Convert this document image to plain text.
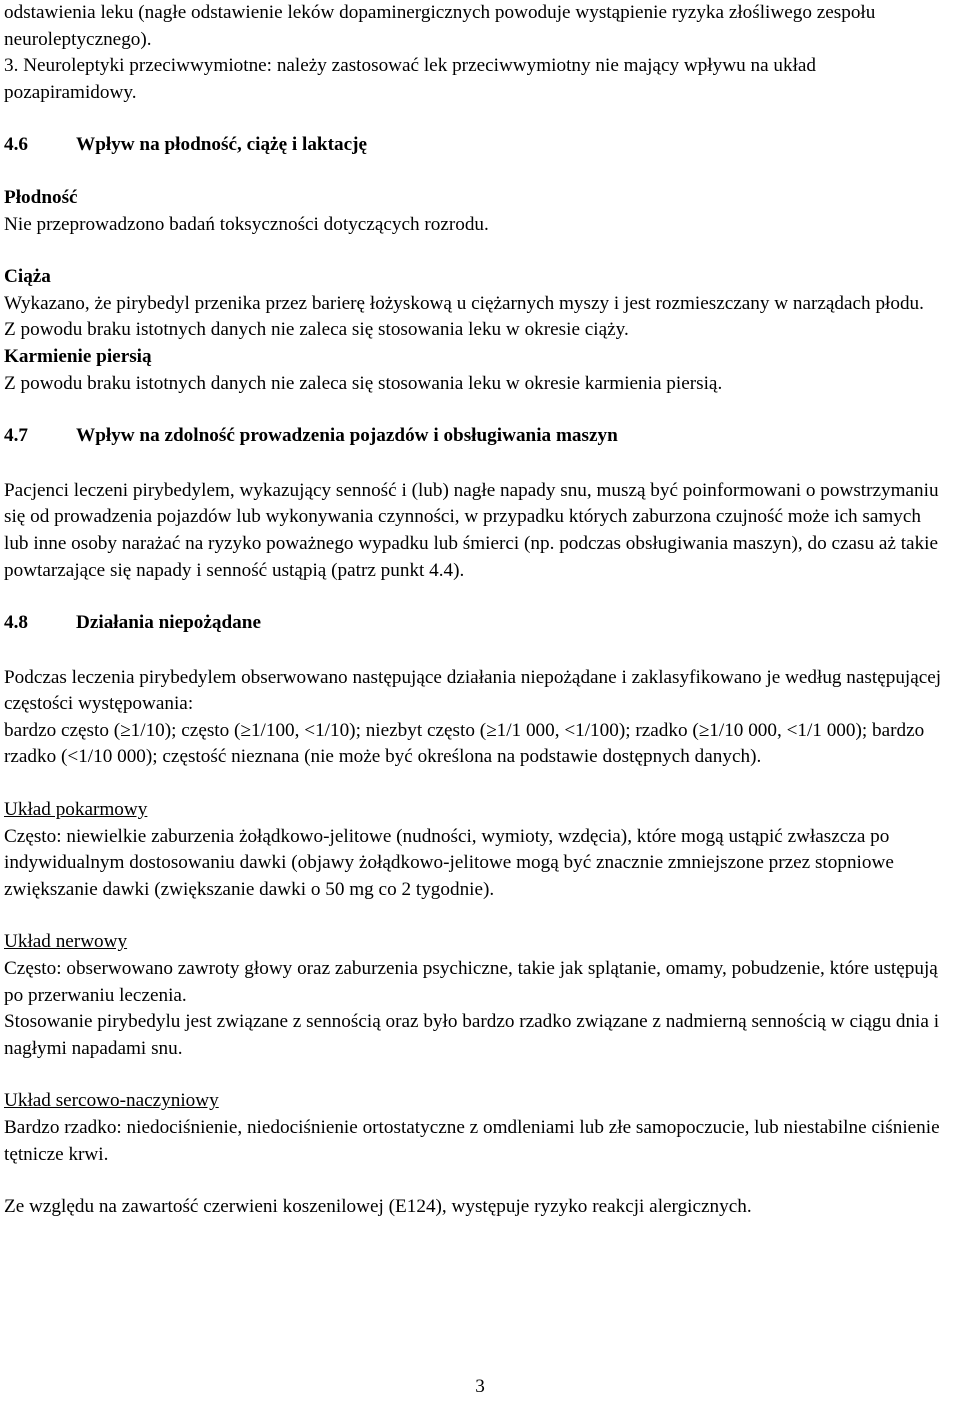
odstawienia leku (nagłe odstawienie leków dopaminergicznych powoduje wystąpienie ryzyka złośliwego zespołu neuroleptycznego).

3. Neuroleptyki przeciwwymiotne: należy zastosować lek przeciwwymiotny nie mający wpływu na układ pozapiramidowy.

4.6	Wpływ na płodność, ciążę i laktację

Płodność

Nie przeprowadzono badań toksyczności dotyczących rozrodu.

Ciąża

Wykazano, że pirybedyl przenika przez barierę łożyskową u ciężarnych myszy i jest rozmieszczany w narządach płodu.

Z powodu braku istotnych danych nie zaleca się stosowania leku w okresie ciąży.

Karmienie piersią

Z powodu braku istotnych danych nie zaleca się stosowania leku w okresie karmienia piersią.

4.7	Wpływ na zdolność prowadzenia pojazdów i obsługiwania maszyn

Pacjenci leczeni pirybedylem, wykazujący senność i (lub) nagłe napady snu, muszą być poinformowani o powstrzymaniu się od prowadzenia pojazdów lub wykonywania czynności, w przypadku których zaburzona czujność może ich samych lub inne osoby narażać na ryzyko poważnego wypadku lub śmierci (np. podczas obsługiwania maszyn), do czasu aż takie powtarzające się napady i senność ustąpią (patrz punkt 4.4).

4.8	Działania niepożądane

Podczas leczenia pirybedylem obserwowano następujące działania niepożądane i zaklasyfikowano je według następującej częstości występowania:

bardzo często (≥1/10); często (≥1/100, <1/10); niezbyt często (≥1/1 000, <1/100); rzadko (≥1/10 000, <1/1 000); bardzo rzadko (<1/10 000); częstość nieznana (nie może być określona na podstawie dostępnych danych).

Układ pokarmowy

Często: niewielkie zaburzenia żołądkowo-jelitowe (nudności, wymioty, wzdęcia), które mogą ustąpić zwłaszcza po indywidualnym dostosowaniu dawki (objawy żołądkowo-jelitowe mogą być znacznie zmniejszone przez stopniowe zwiększanie dawki (zwiększanie dawki o 50 mg co 2 tygodnie).

Układ nerwowy

Często: obserwowano zawroty głowy oraz zaburzenia psychiczne, takie jak splątanie, omamy, pobudzenie, które ustępują po przerwaniu leczenia.

Stosowanie pirybedylu jest związane z sennością oraz było bardzo rzadko związane z nadmierną sennością w ciągu dnia i nagłymi napadami snu.

Układ sercowo-naczyniowy

Bardzo rzadko: niedociśnienie, niedociśnienie ortostatyczne z omdleniami lub złe samopoczucie, lub niestabilne ciśnienie tętnicze krwi.

Ze względu na zawartość czerwieni koszenilowej (E124), występuje ryzyko reakcji alergicznych.

3
